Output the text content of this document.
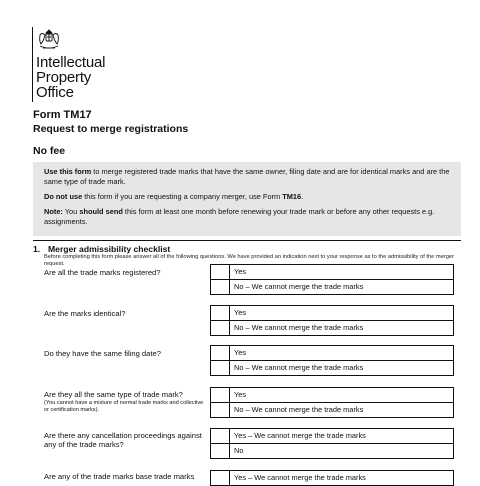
Intellectual
Property
Office
Form TM17
Request to merge registrations
No fee

Use this form to merge registered trade marks that have the same owner, filing date and are for identical marks and are the same type of trade mark.

Do not use this form if you are requesting a company merger, use Form TM16.

Note: You should send this form at least one month before renewing your trade mark or before any other requests e.g. assignments.

1. Merger admissibility checklist
Before completing this form please answer all of the following questions. We have provided an indication next to your response as to the admissibility of the merger request.
Are all the trade marks registered?	Yes
No – We cannot merge the trade marks
Are the marks identical?	Yes
No – We cannot merge the trade marks
Do they have the same filing date?	Yes
No – We cannot merge the trade marks
Are they all the same type of trade mark?
(You cannot have a mixture of normal trade marks and collective or certification marks).
Yes
No – We cannot merge the trade marks
Are there any cancellation proceedings against any of the trade marks?
Yes – We cannot merge the trade marks
No
Are any of the trade marks base trade marks	Yes – We cannot merge the trade marks
